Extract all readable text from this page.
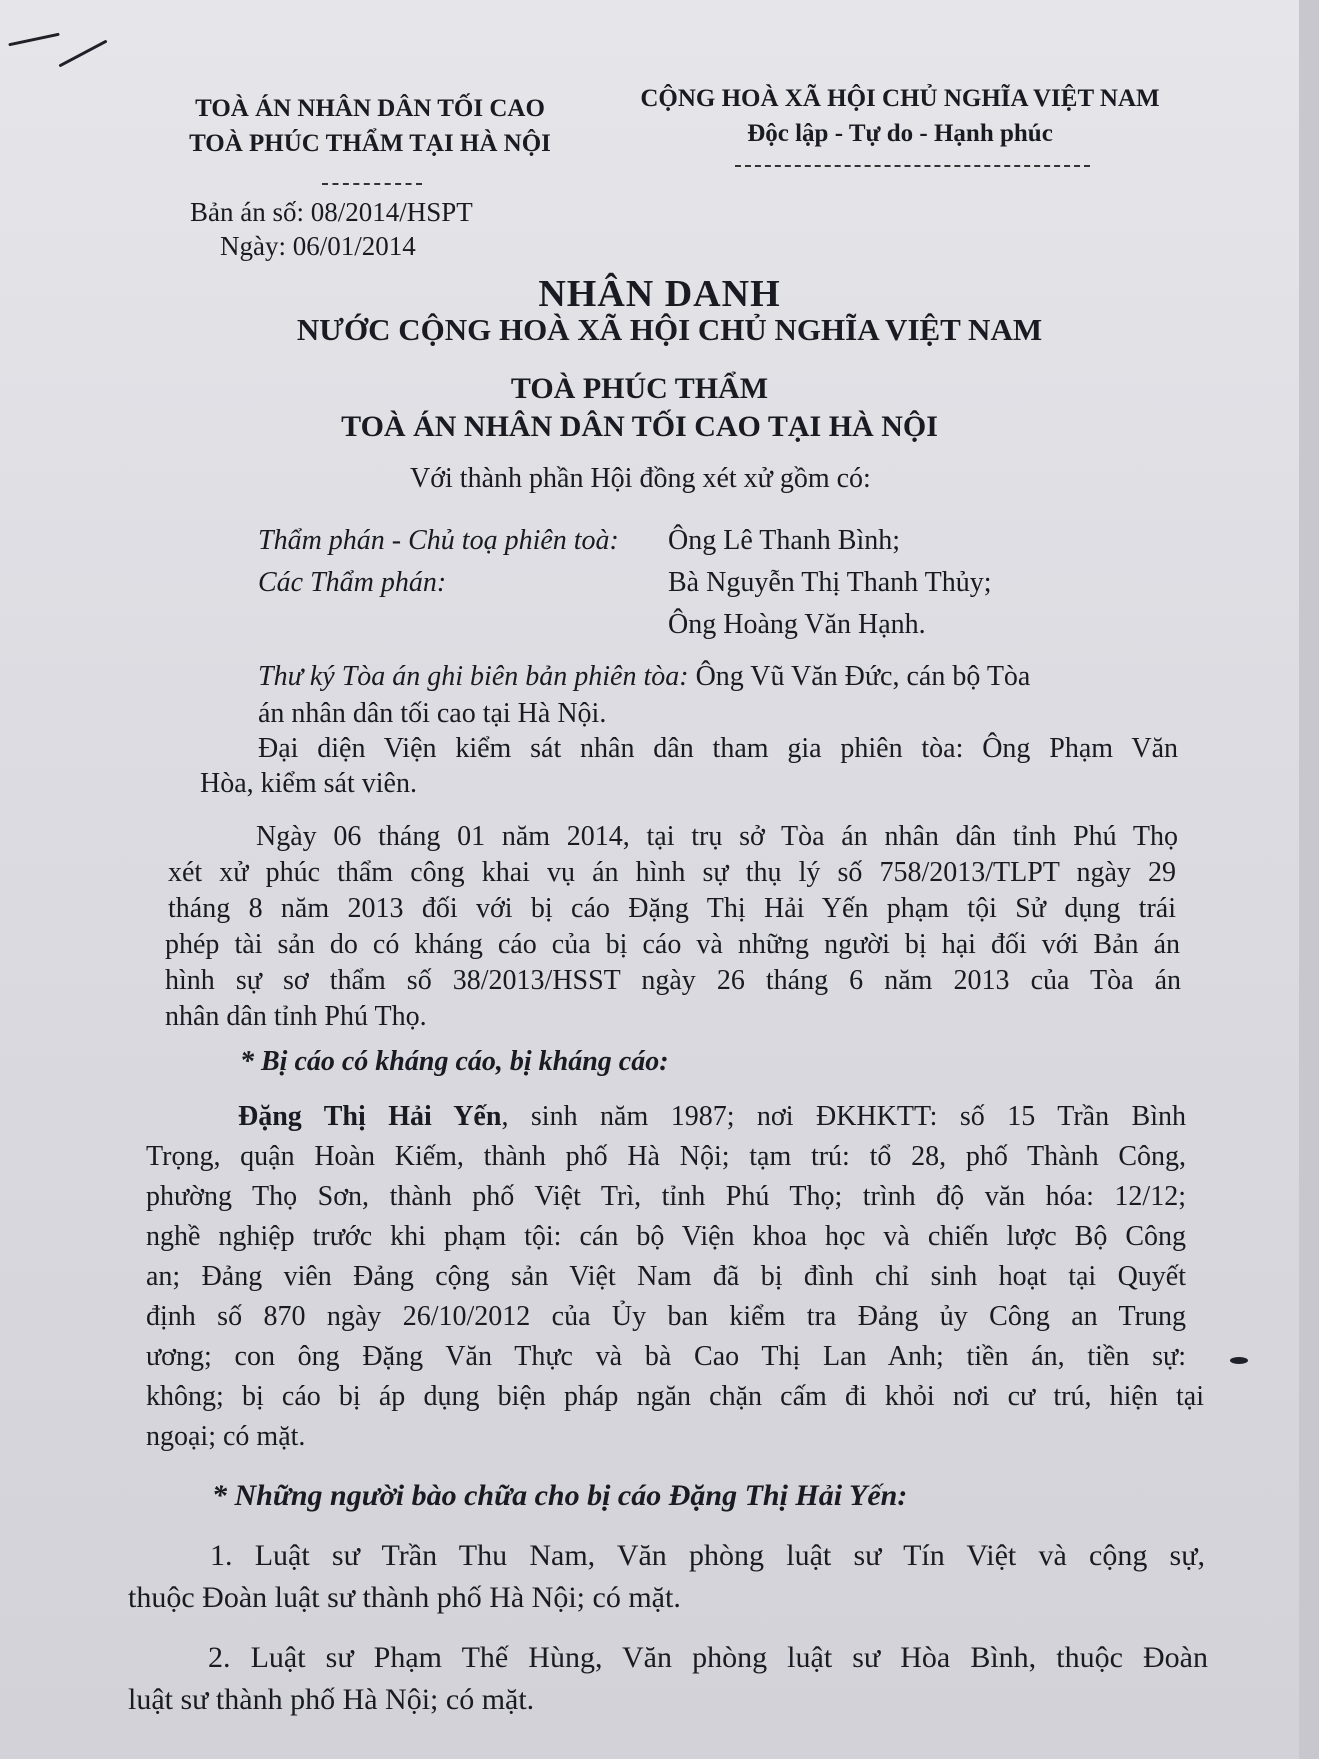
TOÀ ÁN NHÂN DÂN TỐI CAO
TOÀ PHÚC THẨM TẠI HÀ NỘI
CỘNG HOÀ XÃ HỘI CHỦ NGHĨA VIỆT NAM
Độc lập - Tự do - Hạnh phúc
Bản án số: 08/2014/HSPT
Ngày: 06/01/2014
NHÂN DANH
NƯỚC CỘNG HOÀ XÃ HỘI CHỦ NGHĨA VIỆT NAM
TOÀ PHÚC THẨM
TOÀ ÁN NHÂN DÂN TỐI CAO TẠI HÀ NỘI
Với thành phần Hội đồng xét xử gồm có:
Thẩm phán - Chủ toạ phiên toà: Ông Lê Thanh Bình;
Các Thẩm phán:	Bà Nguyễn Thị Thanh Thủy;
Ông Hoàng Văn Hạnh.
Thư ký Tòa án ghi biên bản phiên tòa: Ông Vũ Văn Đức, cán bộ Tòa
án nhân dân tối cao tại Hà Nội.
Đại diện Viện kiểm sát nhân dân tham gia phiên tòa: Ông Phạm Văn
Hòa, kiểm sát viên.
Ngày 06 tháng 01 năm 2014, tại trụ sở Tòa án nhân dân tỉnh Phú Thọ
xét xử phúc thẩm công khai vụ án hình sự thụ lý số 758/2013/TLPT ngày 29
tháng 8 năm 2013 đối với bị cáo Đặng Thị Hải Yến phạm tội Sử dụng trái
phép tài sản do có kháng cáo của bị cáo và những người bị hại đối với Bản án
hình sự sơ thẩm số 38/2013/HSST ngày 26 tháng 6 năm 2013 của Tòa án
nhân dân tỉnh Phú Thọ.
* Bị cáo có kháng cáo, bị kháng cáo:
Đặng Thị Hải Yến, sinh năm 1987; nơi ĐKHKTT: số 15 Trần Bình
Trọng, quận Hoàn Kiếm, thành phố Hà Nội; tạm trú: tổ 28, phố Thành Công,
phường Thọ Sơn, thành phố Việt Trì, tỉnh Phú Thọ; trình độ văn hóa: 12/12;
nghề nghiệp trước khi phạm tội: cán bộ Viện khoa học và chiến lược Bộ Công
an; Đảng viên Đảng cộng sản Việt Nam đã bị đình chỉ sinh hoạt tại Quyết
định số 870 ngày 26/10/2012 của Ủy ban kiểm tra Đảng ủy Công an Trung
ương; con ông Đặng Văn Thực và bà Cao Thị Lan Anh; tiền án, tiền sự:
không; bị cáo bị áp dụng biện pháp ngăn chặn cấm đi khỏi nơi cư trú, hiện tại
ngoại; có mặt.
* Những người bào chữa cho bị cáo Đặng Thị Hải Yến:
1. Luật sư Trần Thu Nam, Văn phòng luật sư Tín Việt và cộng sự,
thuộc Đoàn luật sư thành phố Hà Nội; có mặt.
2. Luật sư Phạm Thế Hùng, Văn phòng luật sư Hòa Bình, thuộc Đoàn
luật sư thành phố Hà Nội; có mặt.
